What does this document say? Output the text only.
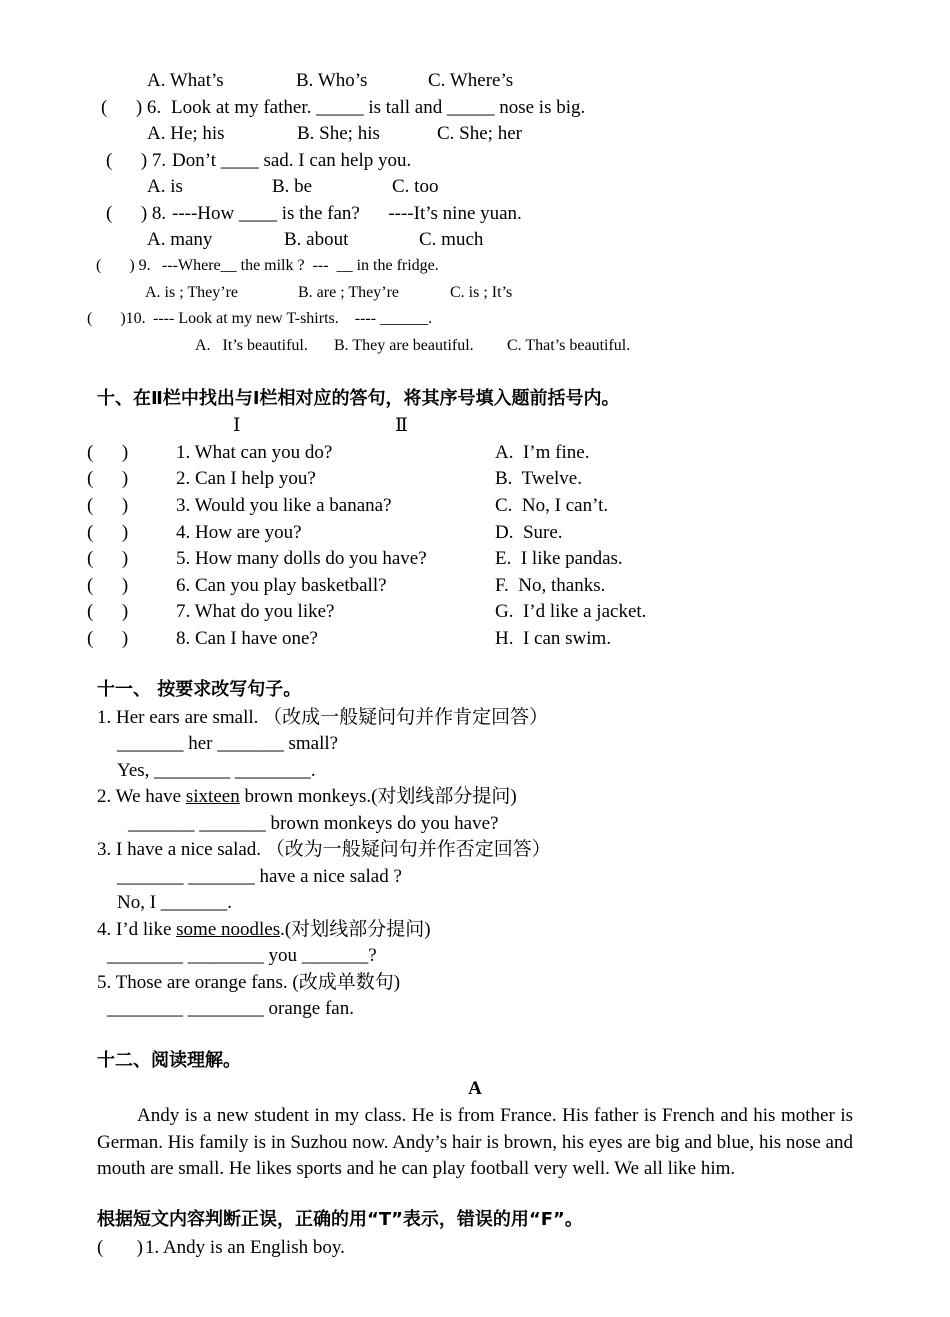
A. What’s	B. Who’s	C. Where’s
(      ) 6. Look at my father. _____ is tall and _____ nose is big.
A. He; his	B. She; his	C. She; her
(      ) 7. Don’t ____ sad. I can help you.
A. is	B. be	C. too
(      ) 8. ----How ____ is the fan?      ----It’s nine yuan.
A. many	B. about	C. much
(       ) 9. ---Where__ the milk ?  ---  __ in the fridge.
A. is ; They’re	B. are ; They’re	C. is ; It’s
(       )10. ---- Look at my new T-shirts.    ---- ______.
A.   It’s beautiful. B. They are beautiful. C. That’s beautiful.
十、在Ⅱ栏中找出与Ⅰ栏相对应的答句，将其序号填入题前括号内。
Ⅰ	Ⅱ
(      )	1. What can you do?	A.  I’m fine.
(      )	2. Can I help you?	B.  Twelve.
(      )	3. Would you like a banana?	C.  No, I can’t.
(      )	4. How are you?	D.  Sure.
(      )	5. How many dolls do you have?	E.  I like pandas.
(      )	6. Can you play basketball?	F.  No, thanks.
(      )	7. What do you like?	G.  I’d like a jacket.
(      )	8. Can I have one?	H.  I can swim.
十一、 按要求改写句子。
1. Her ears are small. （改成一般疑问句并作肯定回答）
_______ her _______ small?
Yes, ________ ________.
2. We have sixteen brown monkeys.(对划线部分提问)
_______ _______ brown monkeys do you have?
3. I have a nice salad. （改为一般疑问句并作否定回答）
_______ _______ have a nice salad ?
No, I _______.
4. I’d like some noodles.(对划线部分提问)
________ ________ you _______?
5. Those are orange fans. (改成单数句)
________ ________ orange fan.
十二、阅读理解。
A
Andy is a new student in my class. He is from France. His father is French and his mother is German. His family is in Suzhou now. Andy’s hair is brown, his eyes are big and blue, his nose and mouth are small. He likes sports and he can play football very well. We all like him.
根据短文内容判断正误，正确的用“T”表示，错误的用“F”。
(       ) 1. Andy is an English boy.
